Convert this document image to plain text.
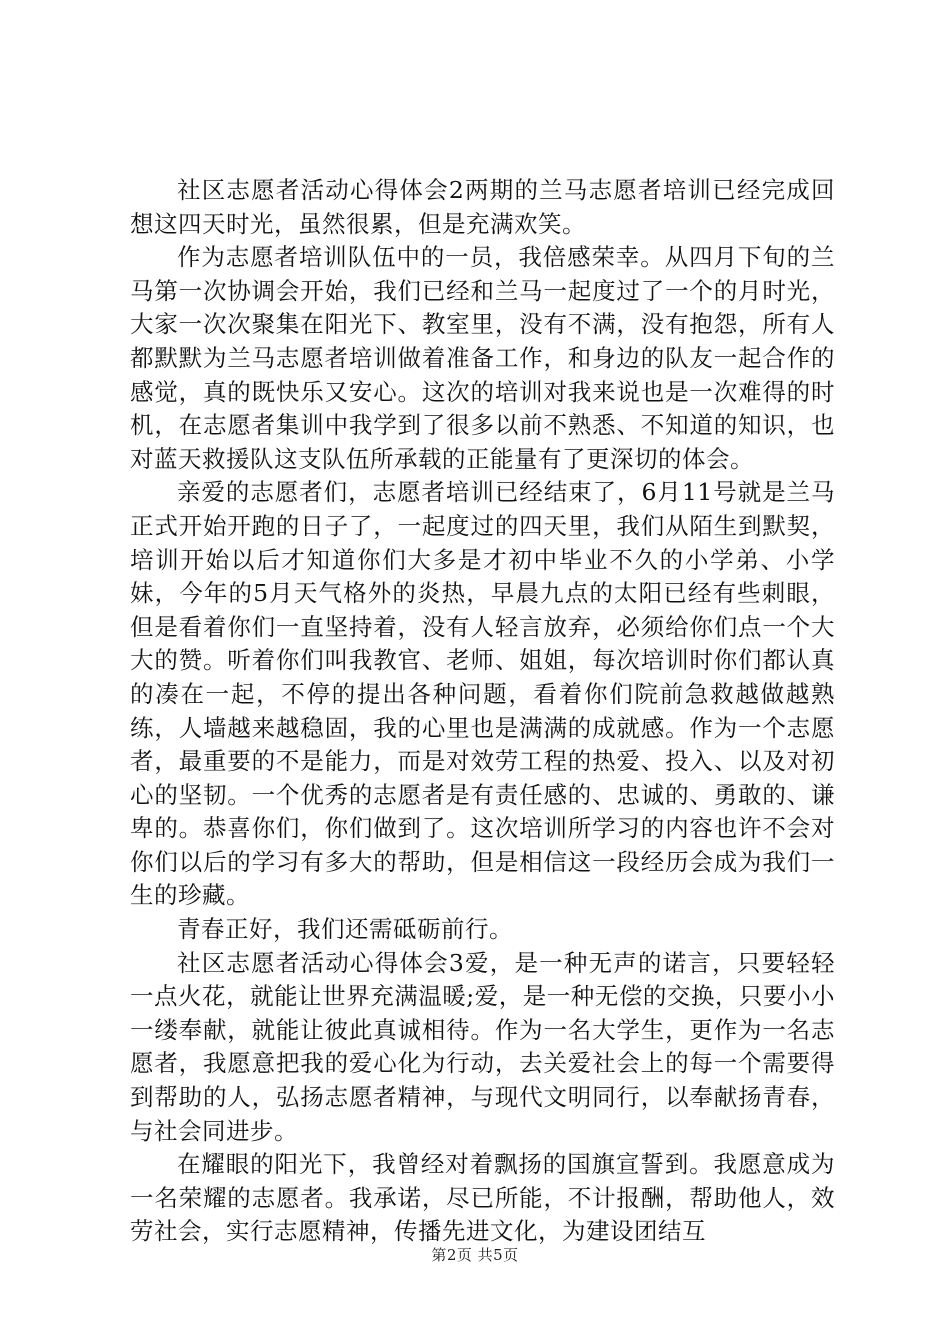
社区志愿者活动心得体会2两期的兰马志愿者培训已经完成回想这四天时光，虽然很累，但是充满欢笑。

作为志愿者培训队伍中的一员，我倍感荣幸。从四月下旬的兰马第一次协调会开始，我们已经和兰马一起度过了一个的月时光，大家一次次聚集在阳光下、教室里，没有不满，没有抱怨，所有人都默默为兰马志愿者培训做着准备工作，和身边的队友一起合作的感觉，真的既快乐又安心。这次的培训对我来说也是一次难得的时机，在志愿者集训中我学到了很多以前不熟悉、不知道的知识，也对蓝天救援队这支队伍所承载的正能量有了更深切的体会。

亲爱的志愿者们，志愿者培训已经结束了，6月11号就是兰马正式开始开跑的日子了，一起度过的四天里，我们从陌生到默契，培训开始以后才知道你们大多是才初中毕业不久的小学弟、小学妹，今年的5月天气格外的炎热，早晨九点的太阳已经有些刺眼，但是看着你们一直坚持着，没有人轻言放弃，必须给你们点一个大大的赞。听着你们叫我教官、老师、姐姐，每次培训时你们都认真的凑在一起，不停的提出各种问题，看着你们院前急救越做越熟练，人墙越来越稳固，我的心里也是满满的成就感。作为一个志愿者，最重要的不是能力，而是对效劳工程的热爱、投入、以及对初心的坚韧。一个优秀的志愿者是有责任感的、忠诚的、勇敢的、谦卑的。恭喜你们，你们做到了。这次培训所学习的内容也许不会对你们以后的学习有多大的帮助，但是相信这一段经历会成为我们一生的珍藏。

青春正好，我们还需砥砺前行。

社区志愿者活动心得体会3爱，是一种无声的诺言，只要轻轻一点火花，就能让世界充满温暖;爱，是一种无偿的交换，只要小小一缕奉献，就能让彼此真诚相待。作为一名大学生，更作为一名志愿者，我愿意把我的爱心化为行动，去关爱社会上的每一个需要得到帮助的人，弘扬志愿者精神，与现代文明同行，以奉献扬青春，与社会同进步。

在耀眼的阳光下，我曾经对着飘扬的国旗宣誓到。我愿意成为一名荣耀的志愿者。我承诺，尽已所能，不计报酬，帮助他人，效劳社会，实行志愿精神，传播先进文化，为建设团结互

第2页 共5页
